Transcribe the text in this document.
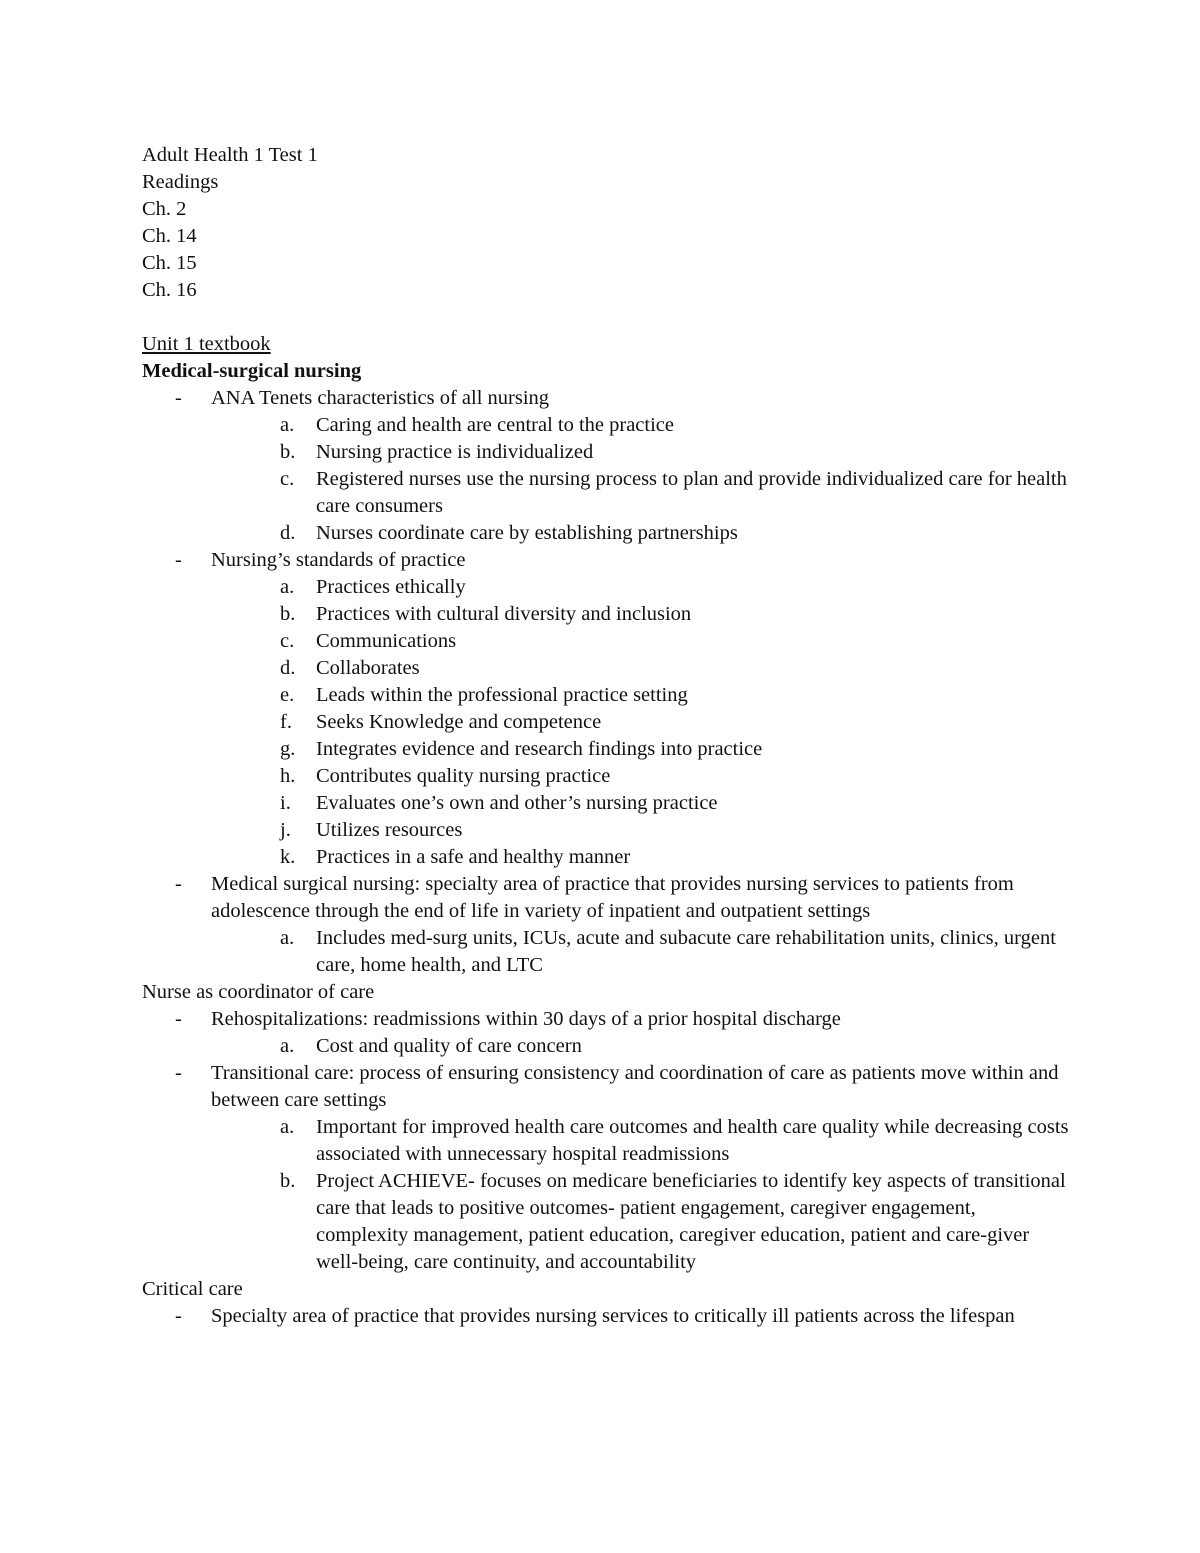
Adult Health 1 Test 1

Readings

Ch. 2

Ch. 14

Ch. 15

Ch. 16

Unit 1 textbook

Medical-surgical nursing

- ANA Tenets characteristics of all nursing
a. Caring and health are central to the practice
b. Nursing practice is individualized
c. Registered nurses use the nursing process to plan and provide individualized care for health care consumers
d. Nurses coordinate care by establishing partnerships
- Nursing’s standards of practice
a. Practices ethically
b. Practices with cultural diversity and inclusion
c. Communications
d. Collaborates
e. Leads within the professional practice setting
f. Seeks Knowledge and competence
g. Integrates evidence and research findings into practice
h. Contributes quality nursing practice
i. Evaluates one’s own and other’s nursing practice
j. Utilizes resources
k. Practices in a safe and healthy manner
- Medical surgical nursing: specialty area of practice that provides nursing services to patients from adolescence through the end of life in variety of inpatient and outpatient settings
a. Includes med-surg units, ICUs, acute and subacute care rehabilitation units, clinics, urgent care, home health, and LTC

Nurse as coordinator of care

- Rehospitalizations: readmissions within 30 days of a prior hospital discharge
a. Cost and quality of care concern
- Transitional care: process of ensuring consistency and coordination of care as patients move within and between care settings
a. Important for improved health care outcomes and health care quality while decreasing costs associated with unnecessary hospital readmissions
b. Project ACHIEVE- focuses on medicare beneficiaries to identify key aspects of transitional care that leads to positive outcomes- patient engagement, caregiver engagement, complexity management, patient education, caregiver education, patient and care-giver well-being, care continuity, and accountability

Critical care

- Specialty area of practice that provides nursing services to critically ill patients across the lifespan
